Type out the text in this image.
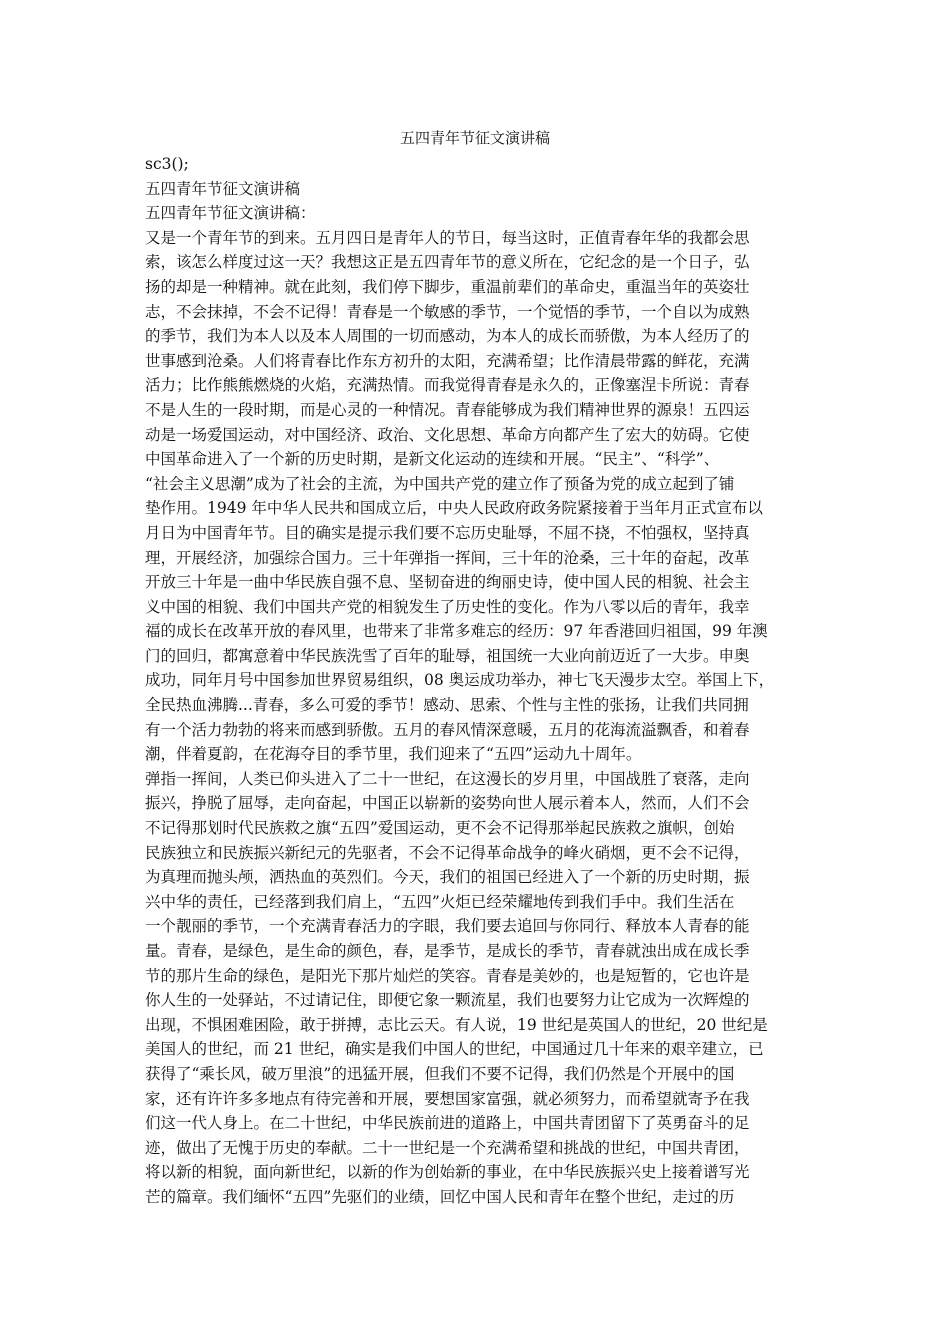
五四青年节征文演讲稿
sc3();
五四青年节征文演讲稿
五四青年节征文演讲稿：
又是一个青年节的到来。五月四日是青年人的节日，每当这时，正值青春年华的我都会思
索，该怎么样度过这一天？我想这正是五四青年节的意义所在，它纪念的是一个日子，弘
扬的却是一种精神。就在此刻，我们停下脚步，重温前辈们的革命史，重温当年的英姿壮
志，不会抹掉，不会不记得！青春是一个敏感的季节，一个觉悟的季节，一个自以为成熟
的季节，我们为本人以及本人周围的一切而感动，为本人的成长而骄傲，为本人经历了的
世事感到沧桑。人们将青春比作东方初升的太阳，充满希望；比作清晨带露的鲜花，充满
活力；比作熊熊燃烧的火焰，充满热情。而我觉得青春是永久的，正像塞涅卡所说：青春
不是人生的一段时期，而是心灵的一种情况。青春能够成为我们精神世界的源泉！五四运
动是一场爱国运动，对中国经济、政治、文化思想、革命方向都产生了宏大的妨碍。它使
中国革命进入了一个新的历史时期，是新文化运动的连续和开展。“民主”、“科学”、
“社会主义思潮”成为了社会的主流，为中国共产党的建立作了预备为党的成立起到了铺
垫作用。1949 年中华人民共和国成立后，中央人民政府政务院紧接着于当年月正式宣布以
月日为中国青年节。目的确实是提示我们要不忘历史耻辱，不屈不挠，不怕强权，坚持真
理，开展经济，加强综合国力。三十年弹指一挥间，三十年的沧桑，三十年的奋起，改革
开放三十年是一曲中华民族自强不息、坚韧奋进的绚丽史诗，使中国人民的相貌、社会主
义中国的相貌、我们中国共产党的相貌发生了历史性的变化。作为八零以后的青年，我幸
福的成长在改革开放的春风里，也带来了非常多难忘的经历：97 年香港回归祖国，99 年澳
门的回归，都寓意着中华民族洗雪了百年的耻辱，祖国统一大业向前迈近了一大步。申奥
成功，同年月号中国参加世界贸易组织，08 奥运成功举办，神七飞天漫步太空。举国上下，
全民热血沸腾...青春，多么可爱的季节！感动、思索、个性与主性的张扬，让我们共同拥
有一个活力勃勃的将来而感到骄傲。五月的春风情深意暖，五月的花海流溢飘香，和着春
潮，伴着夏韵，在花海夺目的季节里，我们迎来了“五四”运动九十周年。
弹指一挥间，人类已仰头进入了二十一世纪，在这漫长的岁月里，中国战胜了衰落，走向
振兴，挣脱了屈辱，走向奋起，中国正以崭新的姿势向世人展示着本人，然而，人们不会
不记得那划时代民族救之旗“五四”爱国运动，更不会不记得那举起民族救之旗帜，创始
民族独立和民族振兴新纪元的先驱者，不会不记得革命战争的峰火硝烟，更不会不记得，
为真理而抛头颅，洒热血的英烈们。今天，我们的祖国已经进入了一个新的历史时期，振
兴中华的责任，已经落到我们肩上，“五四”火炬已经荣耀地传到我们手中。我们生活在
一个靓丽的季节，一个充满青春活力的字眼，我们要去追回与你同行、释放本人青春的能
量。青春，是绿色，是生命的颜色，春，是季节，是成长的季节，青春就浊出成在成长季
节的那片生命的绿色，是阳光下那片灿烂的笑容。青春是美妙的，也是短暂的，它也许是
你人生的一处驿站，不过请记住，即便它象一颗流星，我们也要努力让它成为一次辉煌的
出现，不惧困难困险，敢于拼搏，志比云天。有人说，19 世纪是英国人的世纪，20 世纪是
美国人的世纪，而 21 世纪，确实是我们中国人的世纪，中国通过几十年来的艰辛建立，已
获得了“乘长风，破万里浪”的迅猛开展，但我们不要不记得，我们仍然是个开展中的国
家，还有许许多多地点有待完善和开展，要想国家富强，就必须努力，而希望就寄予在我
们这一代人身上。在二十世纪，中华民族前进的道路上，中国共青团留下了英勇奋斗的足
迹，做出了无愧于历史的奉献。二十一世纪是一个充满希望和挑战的世纪，中国共青团，
将以新的相貌，面向新世纪，以新的作为创始新的事业，在中华民族振兴史上接着谱写光
芒的篇章。我们缅怀“五四”先驱们的业绩，回忆中国人民和青年在整个世纪，走过的历
